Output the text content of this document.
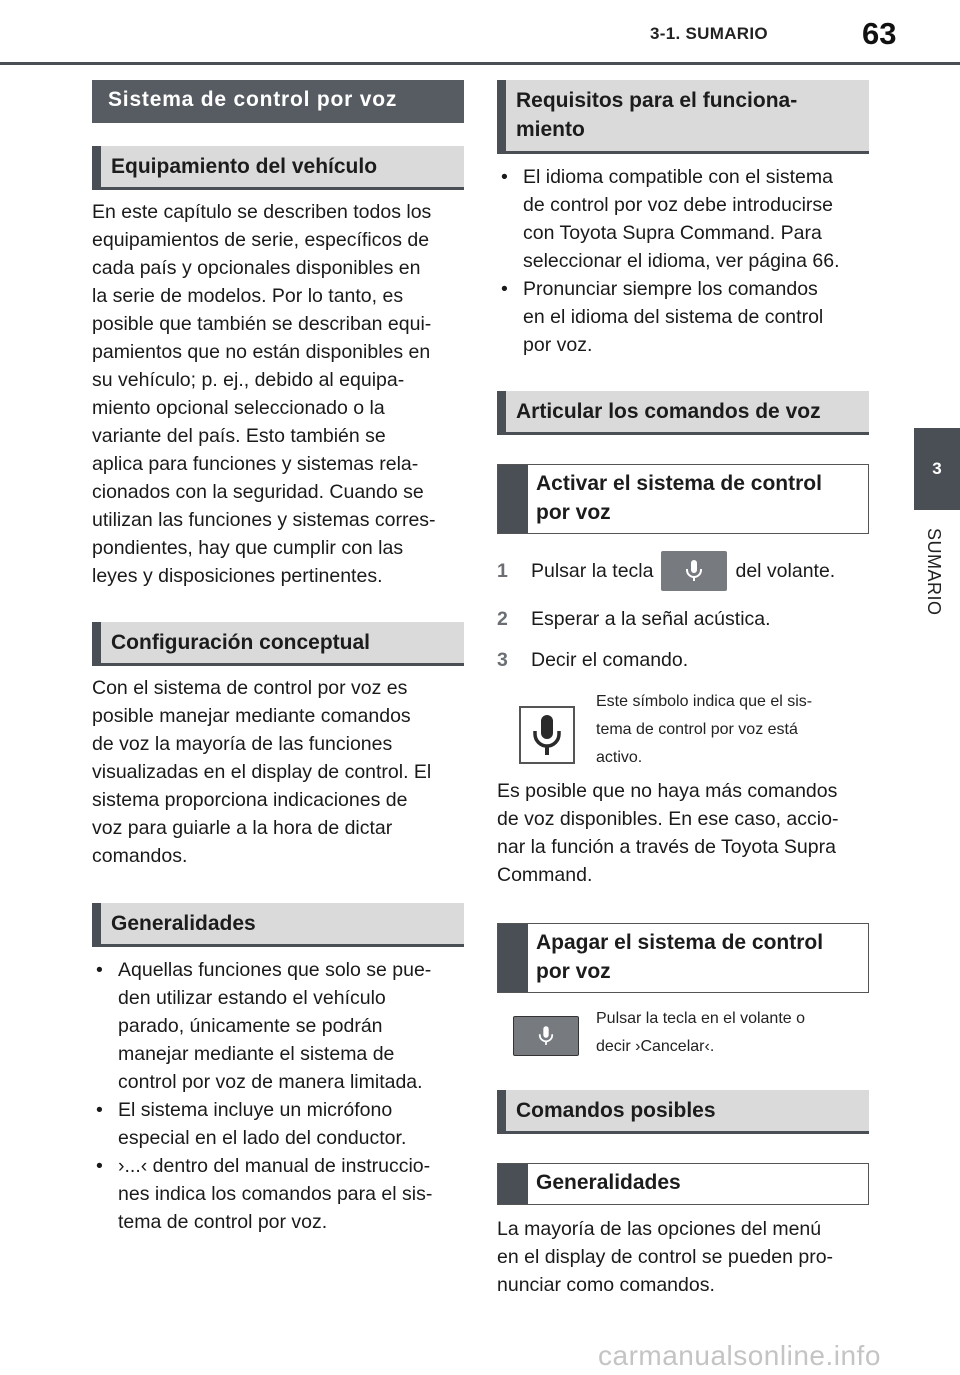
3-1. SUMARIO	63
3
SUMARIO
Sistema de control por voz
Equipamiento del vehículo
En este capítulo se describen todos los
equipamientos de serie, específicos de
cada país y opcionales disponibles en
la serie de modelos. Por lo tanto, es
posible que también se describan equi-
pamientos que no están disponibles en
su vehículo; p. ej., debido al equipa-
miento opcional seleccionado o la
variante del país. Esto también se
aplica para funciones y sistemas rela-
cionados con la seguridad. Cuando se
utilizan las funciones y sistemas corres-
pondientes, hay que cumplir con las
leyes y disposiciones pertinentes.
Configuración conceptual
Con el sistema de control por voz es
posible manejar mediante comandos
de voz la mayoría de las funciones
visualizadas en el display de control. El
sistema proporciona indicaciones de
voz para guiarle a la hora de dictar
comandos.
Generalidades
• Aquellas funciones que solo se pue-
den utilizar estando el vehículo
parado, únicamente se podrán
manejar mediante el sistema de
control por voz de manera limitada.
• El sistema incluye un micrófono
especial en el lado del conductor.
• ›...‹ dentro del manual de instruccio-
nes indica los comandos para el sis-
tema de control por voz.
Requisitos para el funciona-
miento
• El idioma compatible con el sistema
de control por voz debe introducirse
con Toyota Supra Command. Para
seleccionar el idioma, ver página 66.
• Pronunciar siempre los comandos
en el idioma del sistema de control
por voz.
Articular los comandos de voz
Activar el sistema de control
por voz
1	Pulsar la tecla	del volante.
2	Esperar a la señal acústica.
3	Decir el comando.
Este símbolo indica que el sis-
tema de control por voz está
activo.
Es posible que no haya más comandos
de voz disponibles. En ese caso, accio-
nar la función a través de Toyota Supra
Command.
Apagar el sistema de control
por voz
Pulsar la tecla en el volante o
decir ›Cancelar‹.
Comandos posibles
Generalidades
La mayoría de las opciones del menú
en el display de control se pueden pro-
nunciar como comandos.
carmanualsonline.info
